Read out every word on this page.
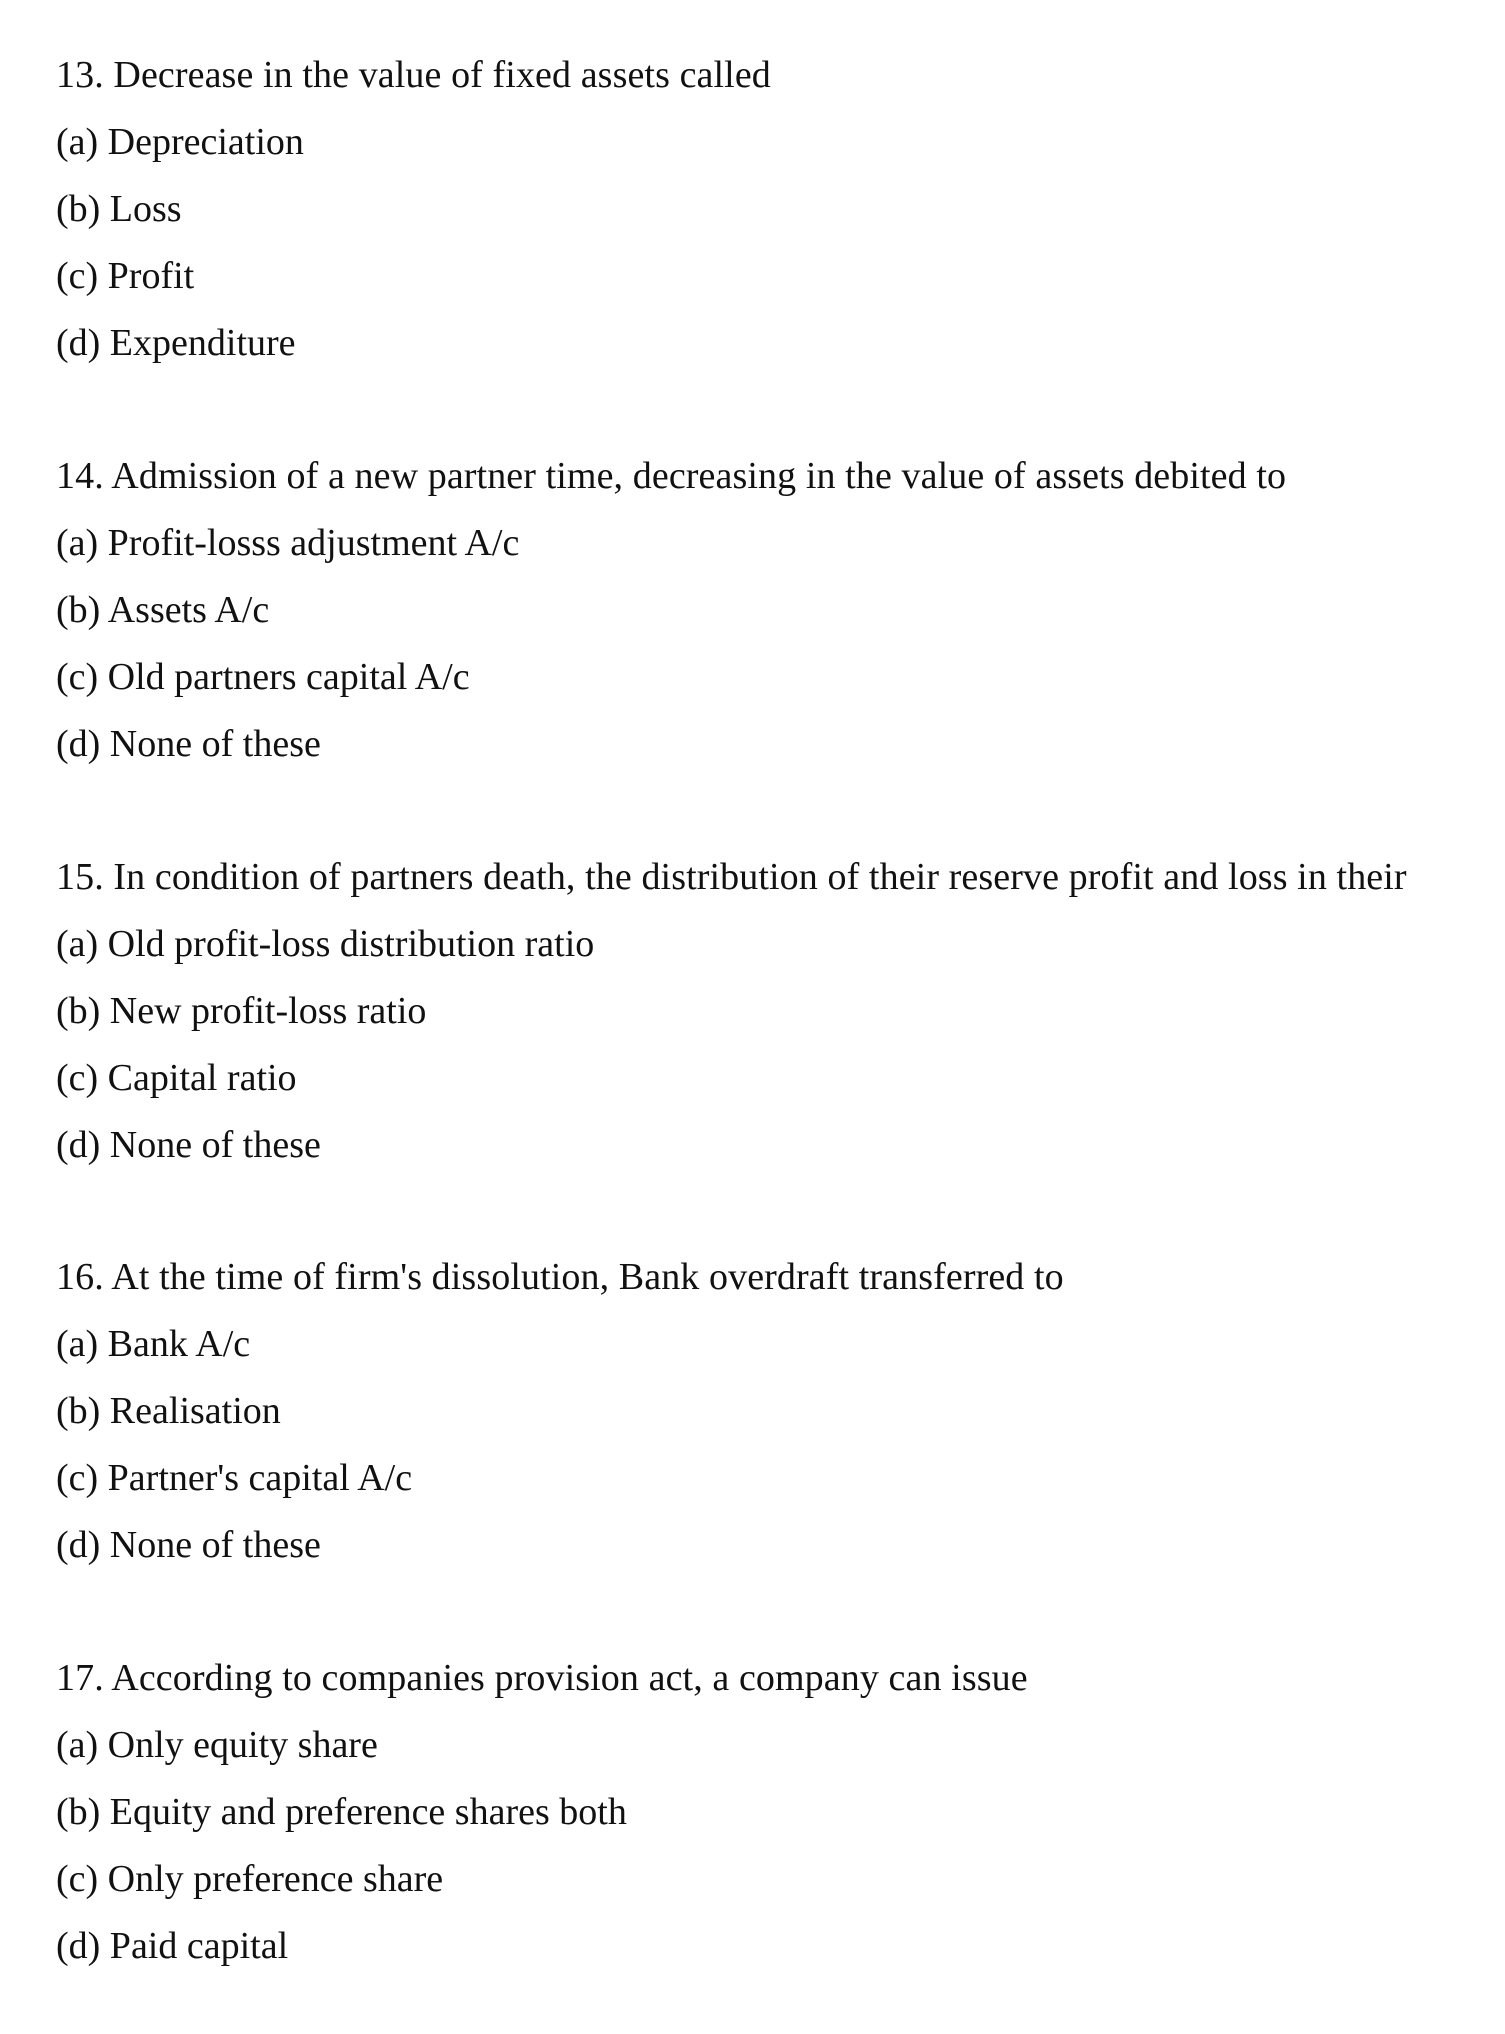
13. Decrease in the value of fixed assets called
(a) Depreciation
(b) Loss
(c) Profit
(d) Expenditure
14. Admission of a new partner time, decreasing in the value of assets debited to
(a) Profit-losss adjustment A/c
(b) Assets A/c
(c) Old partners capital A/c
(d) None of these
15. In condition of partners death, the distribution of their reserve profit and loss in their
(a) Old profit-loss distribution ratio
(b) New profit-loss ratio
(c) Capital ratio
(d) None of these
16. At the time of firm's dissolution, Bank overdraft transferred to
(a) Bank A/c
(b) Realisation
(c) Partner's capital A/c
(d) None of these
17. According to companies provision act, a company can issue
(a) Only equity share
(b) Equity and preference shares both
(c) Only preference share
(d) Paid capital
